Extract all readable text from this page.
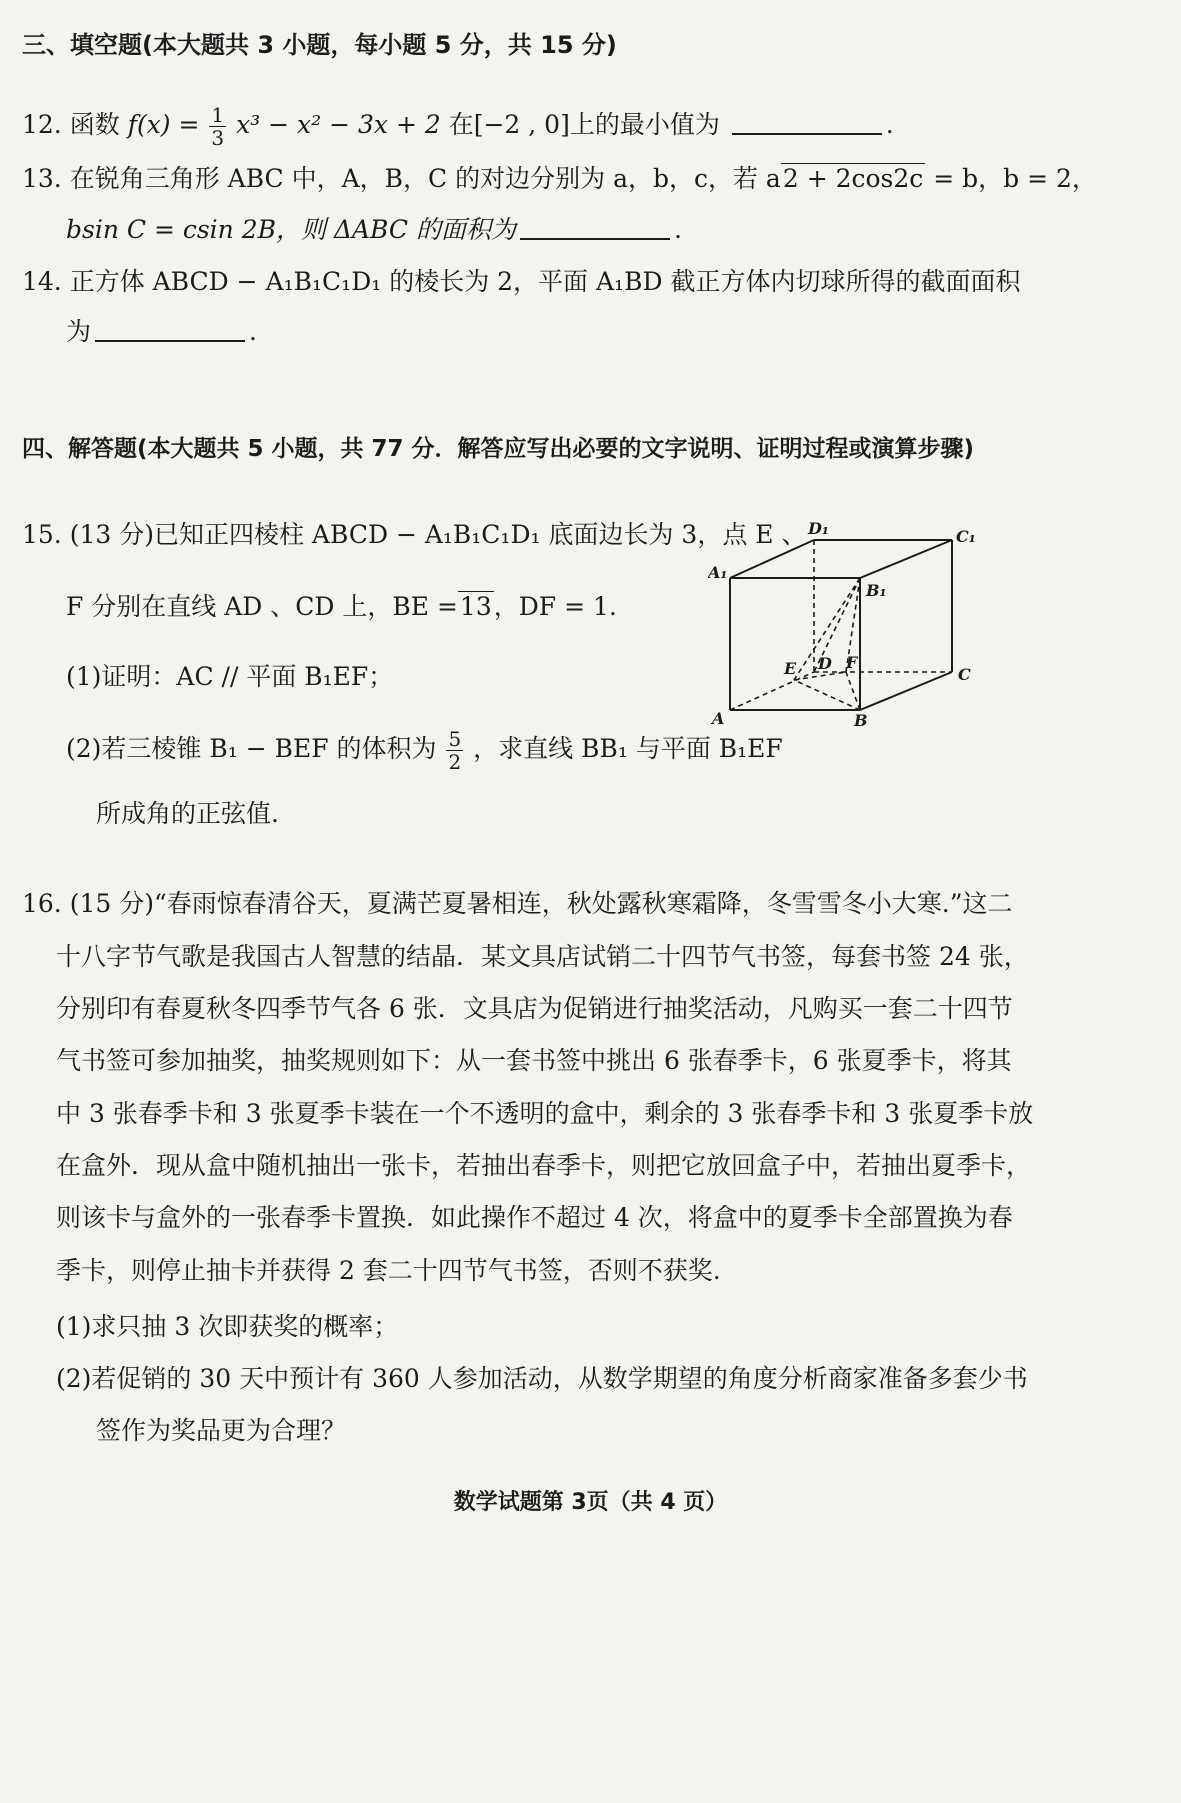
三、填空题(本大题共 3 小题，每小题 5 分，共 15 分)
12. 函数 $f(x) = \frac{1}{3} x^3 - x^2 - 3x + 2$ 在[−2 , 0]上的最小值为	.
13. 在锐角三角形 ABC 中，A，B，C 的对边分别为 a，b，c，若 a2 + 2cos2c = b，b = 2，
bsin C = csin 2B，则 ΔABC 的面积为	.
14. 正方体 ABCD − A₁B₁C₁D₁ 的棱长为 2，平面 A₁BD 截正方体内切球所得的截面面积
为	.
四、解答题(本大题共 5 小题，共 77 分．解答应写出必要的文字说明、证明过程或演算步骤)
15. (13 分)已知正四棱柱 ABCD − A₁B₁C₁D₁ 底面边长为 3，点 E 、
F 分别在直线 AD 、CD 上，BE =13，DF = 1.
(1)证明：AC // 平面 B₁EF；
(2)若三棱锥 B₁ − BEF 的体积为 $\frac{5}{2}$ ，求直线 BB₁ 与平面 B₁EF
所成角的正弦值.
D₁	C₁
A₁
B₁
E D F
C
A	B
16. (15 分)“春雨惊春清谷天，夏满芒夏暑相连，秋处露秋寒霜降，冬雪雪冬小大寒.”这二
十八字节气歌是我国古人智慧的结晶．某文具店试销二十四节气书签，每套书签 24 张，
分别印有春夏秋冬四季节气各 6 张．文具店为促销进行抽奖活动，凡购买一套二十四节
气书签可参加抽奖，抽奖规则如下：从一套书签中挑出 6 张春季卡，6 张夏季卡，将其
中 3 张春季卡和 3 张夏季卡装在一个不透明的盒中，剩余的 3 张春季卡和 3 张夏季卡放
在盒外．现从盒中随机抽出一张卡，若抽出春季卡，则把它放回盒子中，若抽出夏季卡，
则该卡与盒外的一张春季卡置换．如此操作不超过 4 次，将盒中的夏季卡全部置换为春
季卡，则停止抽卡并获得 2 套二十四节气书签，否则不获奖.
(1)求只抽 3 次即获奖的概率；
(2)若促销的 30 天中预计有 360 人参加活动，从数学期望的角度分析商家准备多套少书
签作为奖品更为合理？
数学试题第 3页（共 4 页）
